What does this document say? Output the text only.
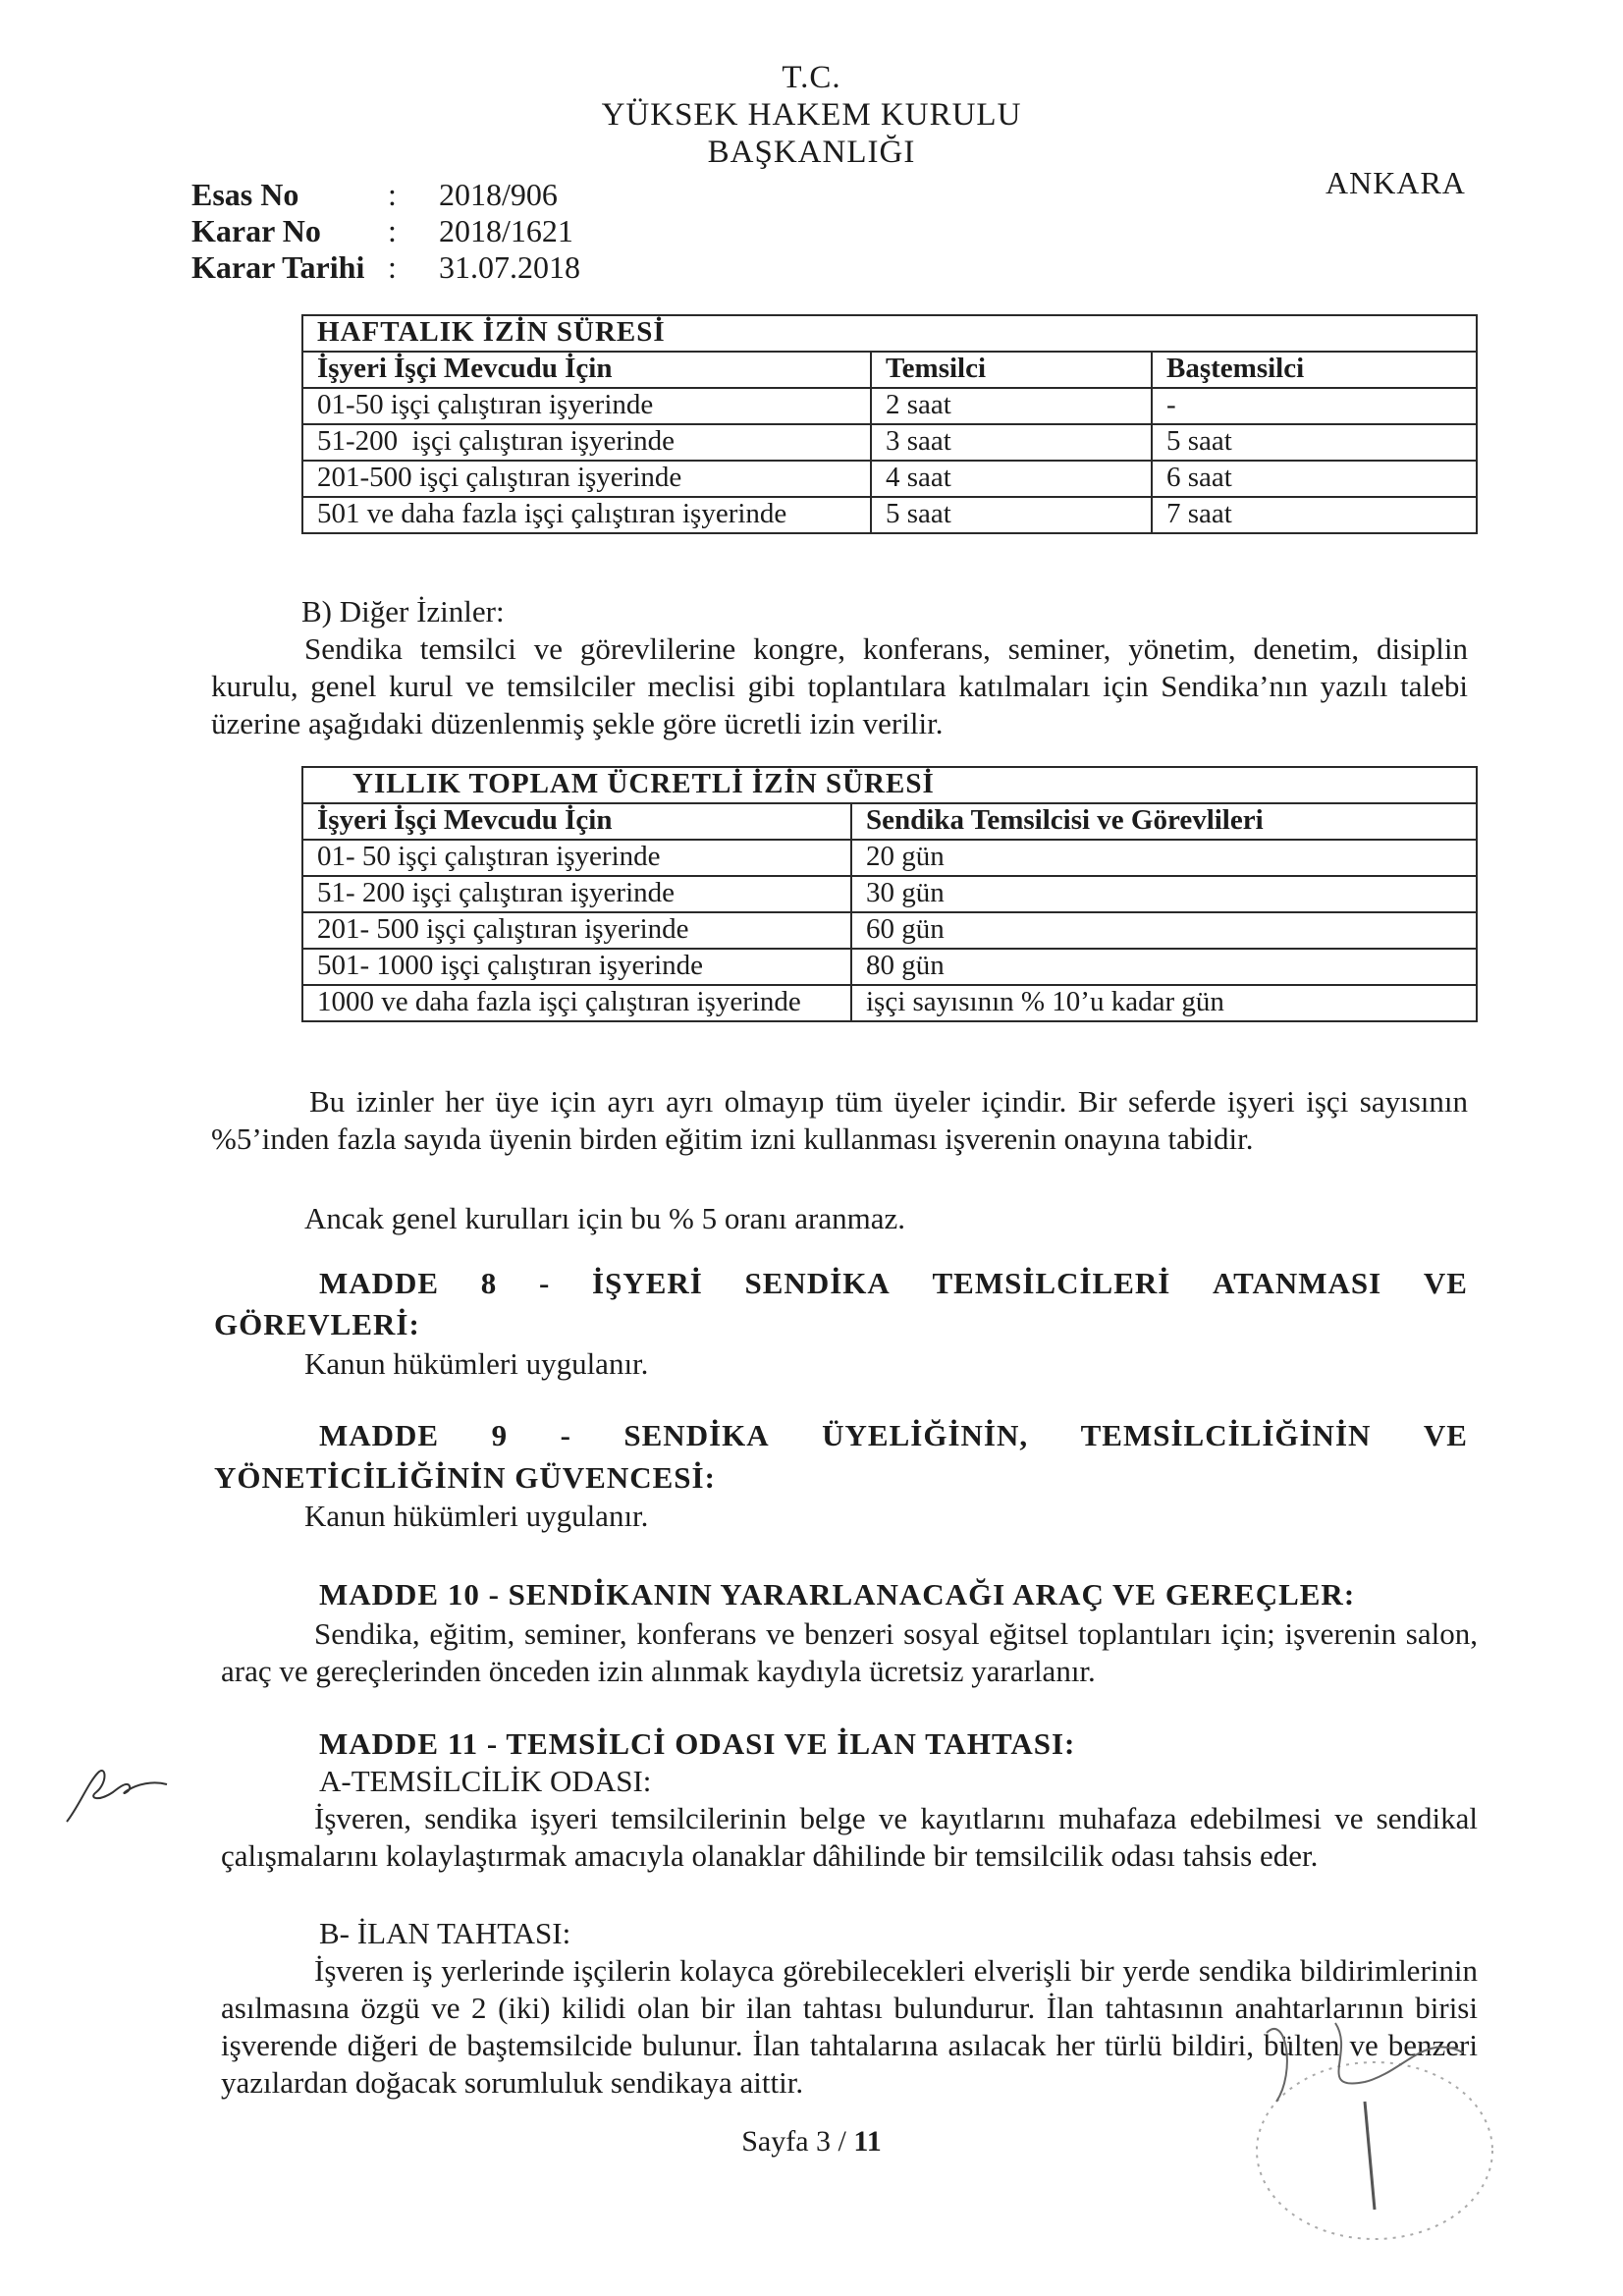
T.C.
YÜKSEK HAKEM KURULU
BAŞKANLIĞI
ANKARA
Esas No	: 2018/906
Karar No : 2018/1621
Karar Tarihi : 31.07.2018
HAFTALIK İZİN SÜRESİ		
İşyeri İşçi Mevcudu İçin	Temsilci	Baştemsilci
01-50 işçi çalıştıran işyerinde	2 saat	-
51-200  işçi çalıştıran işyerinde	3 saat	5 saat
201-500 işçi çalıştıran işyerinde	4 saat	6 saat
501 ve daha fazla işçi çalıştıran işyerinde	5 saat	7 saat
B) Diğer İzinler:
Sendika temsilci ve görevlilerine kongre, konferans, seminer, yönetim, denetim, disiplin kurulu, genel kurul ve temsilciler meclisi gibi toplantılara katılmaları için Sendika’nın yazılı talebi üzerine aşağıdaki düzenlenmiş şekle göre ücretli izin verilir.
YILLIK TOPLAM ÜCRETLİ İZİN SÜRESİ	
İşyeri İşçi Mevcudu İçin	Sendika Temsilcisi ve Görevlileri
01- 50 işçi çalıştıran işyerinde	20 gün
51- 200 işçi çalıştıran işyerinde	30 gün
201- 500 işçi çalıştıran işyerinde	60 gün
501- 1000 işçi çalıştıran işyerinde	80 gün
1000 ve daha fazla işçi çalıştıran işyerinde	işçi sayısının % 10’u kadar gün
Bu izinler her üye için ayrı ayrı olmayıp tüm üyeler içindir. Bir seferde işyeri işçi sayısının %5’inden fazla sayıda üyenin birden eğitim izni kullanması işverenin onayına tabidir.
Ancak genel kurulları için bu % 5 oranı aranmaz.
MADDE 8 - İŞYERİ SENDİKA TEMSİLCİLERİ ATANMASI VE
GÖREVLERİ:
Kanun hükümleri uygulanır.
MADDE 9 - SENDİKA ÜYELİĞİNİN, TEMSİLCİLİĞİNİN VE
YÖNETİCİLİĞİNİN GÜVENCESİ:
Kanun hükümleri uygulanır.
MADDE 10 - SENDİKANIN YARARLANACAĞI ARAÇ VE GEREÇLER:
Sendika, eğitim, seminer, konferans ve benzeri sosyal eğitsel toplantıları için; işverenin salon, araç ve gereçlerinden önceden izin alınmak kaydıyla ücretsiz yararlanır.
MADDE 11 - TEMSİLCİ ODASI VE İLAN TAHTASI:
A-TEMSİLCİLİK ODASI:
İşveren, sendika işyeri temsilcilerinin belge ve kayıtlarını muhafaza edebilmesi ve sendikal çalışmalarını kolaylaştırmak amacıyla olanaklar dâhilinde bir temsilcilik odası tahsis eder.
B- İLAN TAHTASI:
İşveren iş yerlerinde işçilerin kolayca görebilecekleri elverişli bir yerde sendika bildirimlerinin asılmasına özgü ve 2 (iki) kilidi olan bir ilan tahtası bulundurur. İlan tahtasının anahtarlarının birisi işverende diğeri de baştemsilcide bulunur. İlan tahtalarına asılacak her türlü bildiri, bülten ve benzeri yazılardan doğacak sorumluluk sendikaya aittir.
Sayfa 3 / 11
